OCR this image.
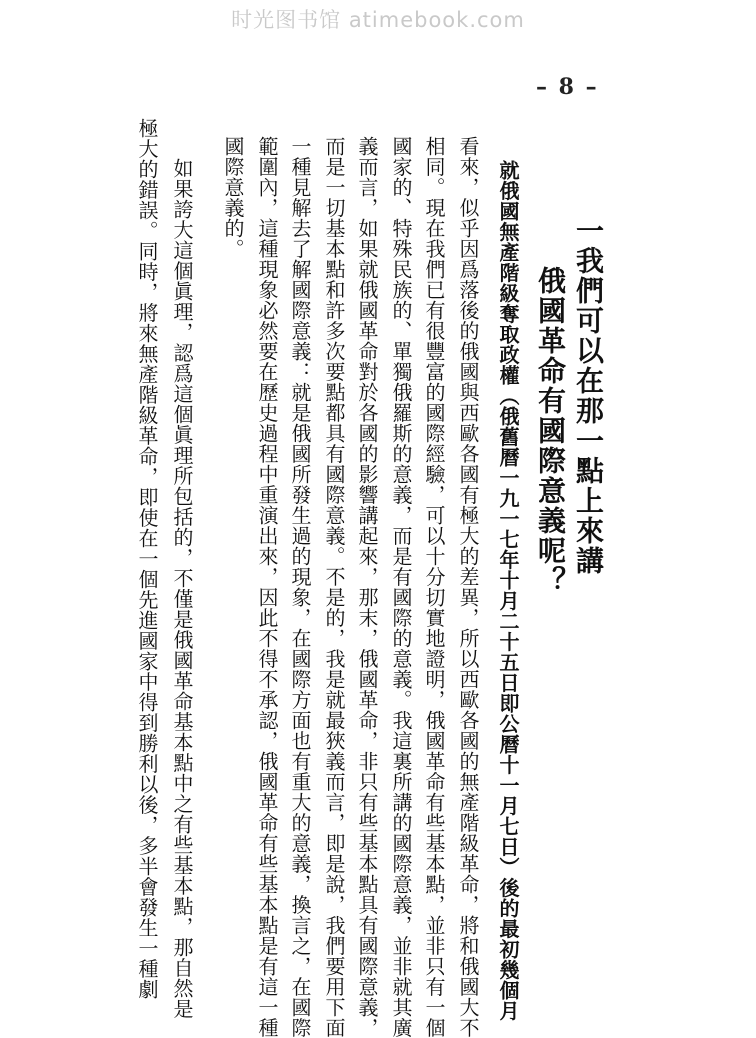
时光图书馆 atimebook.com
– 8 –
一我們可以在那一點上來講
俄國革命有國際意義呢？
就俄國無產階級奪取政權（俄舊曆一九一七年十月二十五日即公曆十一月七日）後的最初幾個月
看來，似乎因爲落後的俄國與西歐各國有極大的差異，所以西歐各國的無產階級革命，將和俄國大不
相同。現在我們已有很豐富的國際經驗，可以十分切實地證明，俄國革命有些基本點，並非只有一個
國家的、特殊民族的、單獨俄羅斯的意義，而是有國際的意義。我這裏所講的國際意義，並非就其廣
義而言，如果就俄國革命對於各國的影響講起來，那末，俄國革命，非只有些基本點具有國際意義，
而是一切基本點和許多次要點都具有國際意義。不是的，我是就最狹義而言，即是說，我們要用下面
一種見解去了解國際意義：就是俄國所發生過的現象，在國際方面也有重大的意義，換言之，在國際
範圍內，這種現象必然要在歷史過程中重演出來，因此不得不承認，俄國革命有些基本點是有這一種
國際意義的。
如果誇大這個眞理，認爲這個眞理所包括的，不僅是俄國革命基本點中之有些基本點，那自然是
極大的錯誤。同時，將來無產階級革命，即使在一個先進國家中得到勝利以後，多半會發生一種劇
